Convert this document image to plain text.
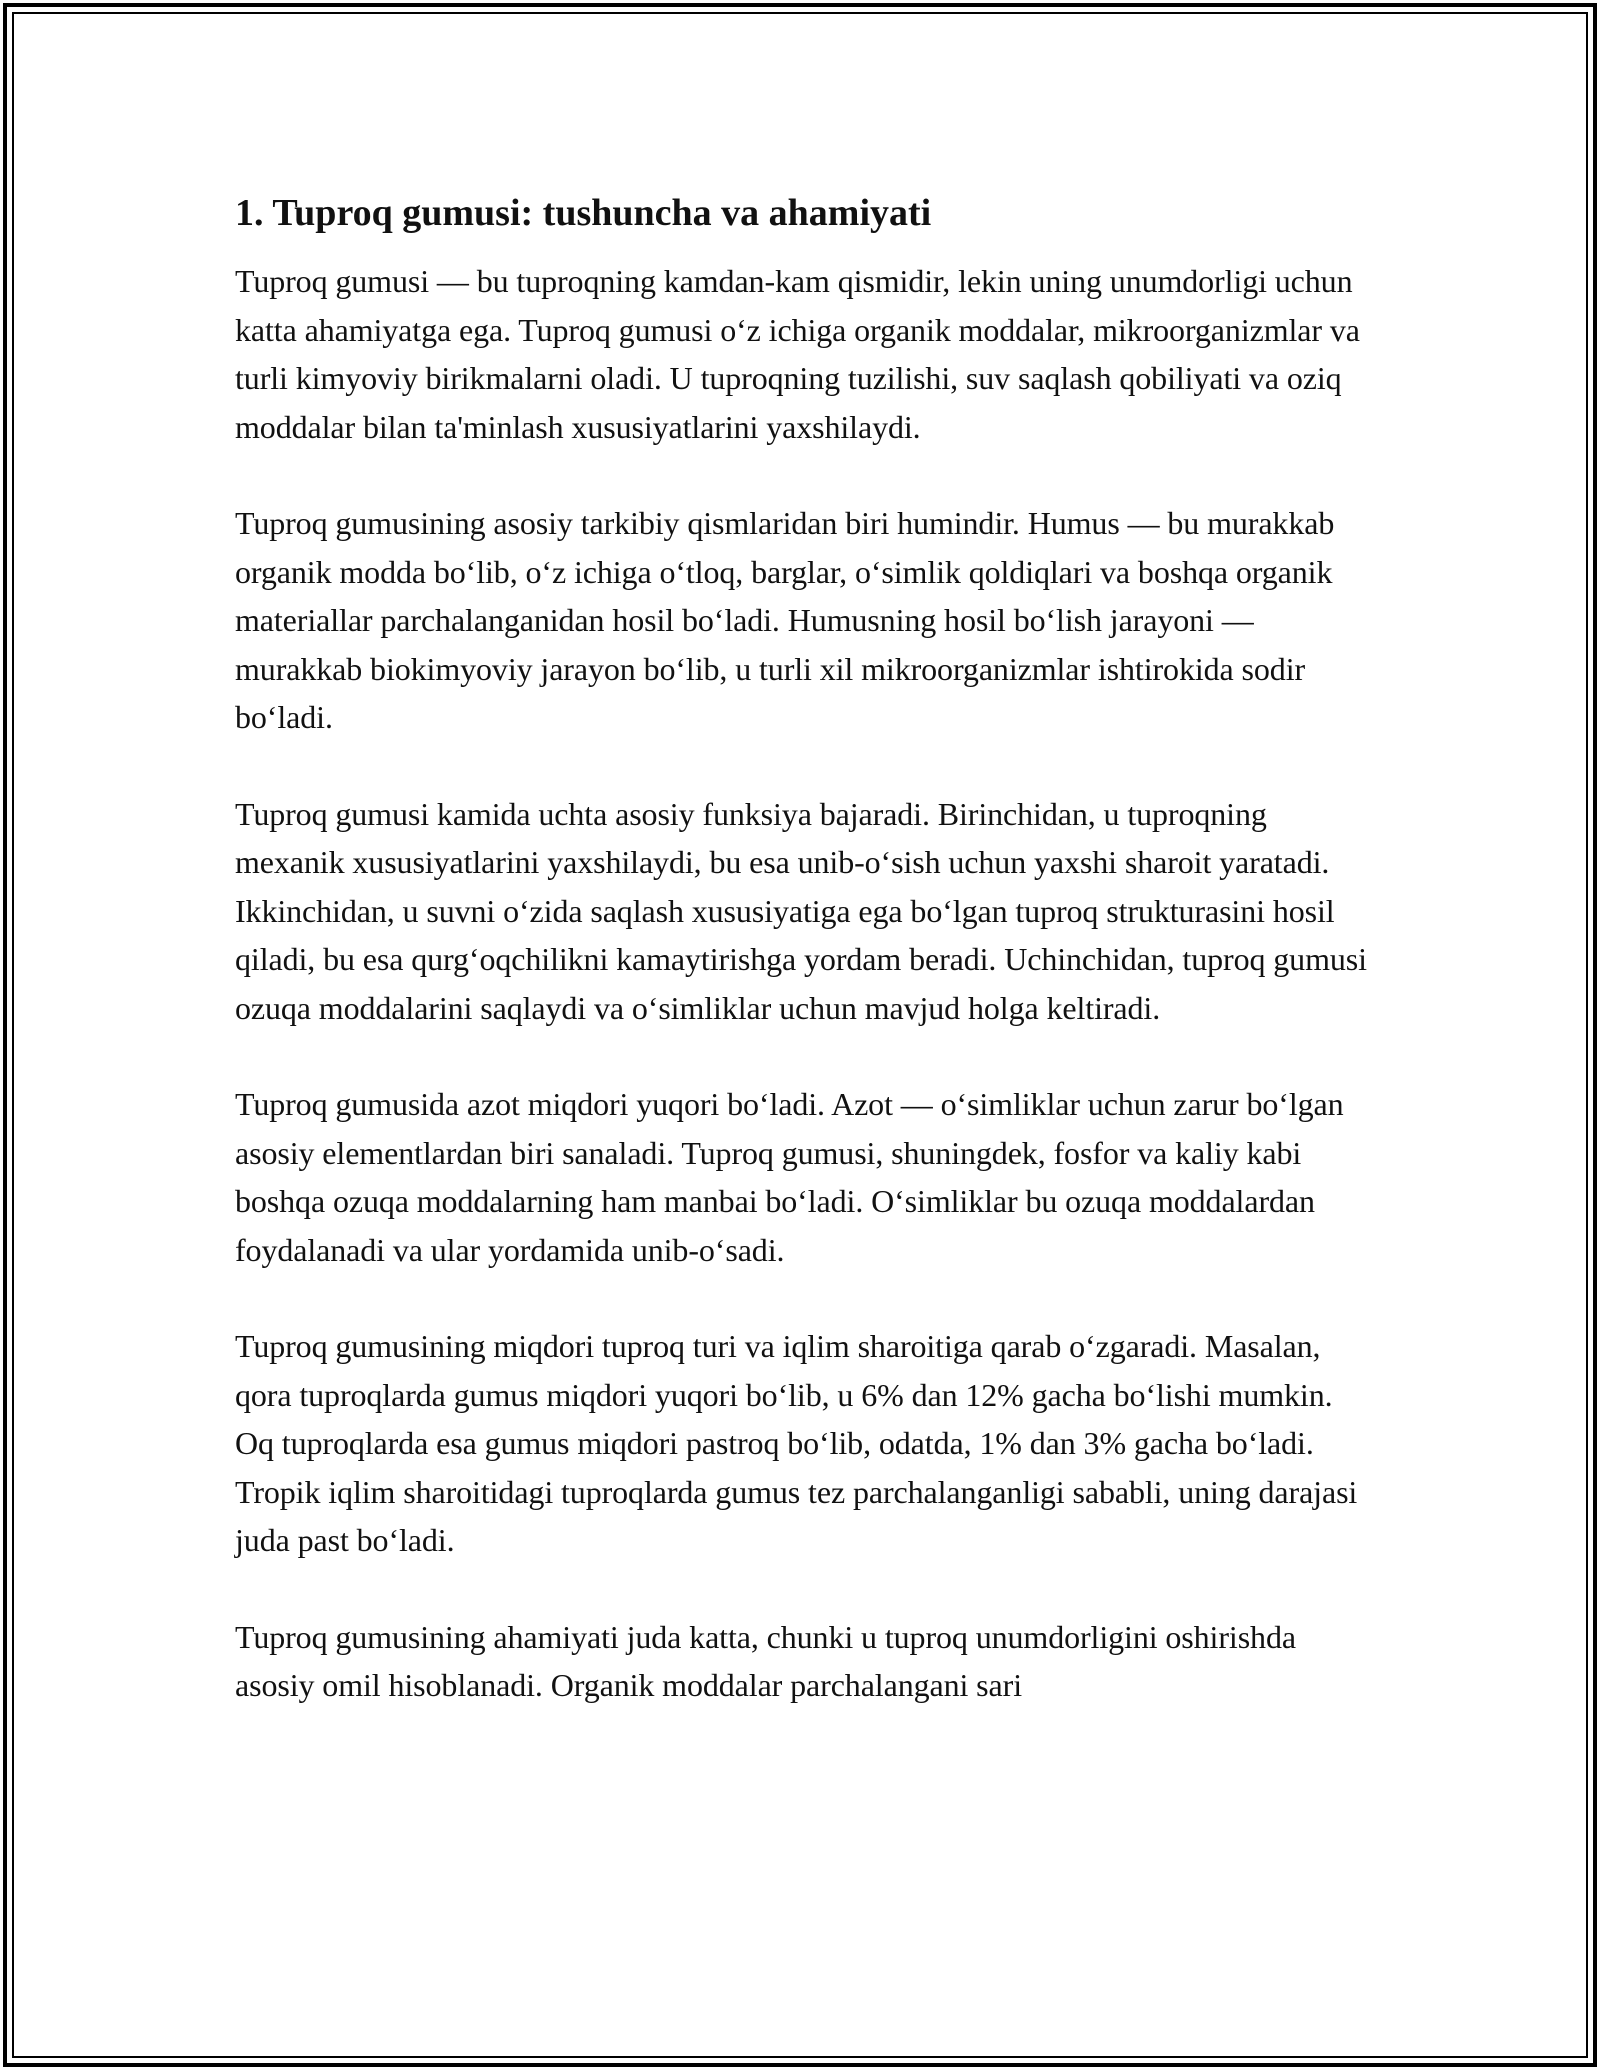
1. Tuproq gumusi: tushuncha va ahamiyati

Tuproq gumusi — bu tuproqning kamdan-kam qismidir, lekin uning unumdorligi uchun katta ahamiyatga ega. Tuproq gumusi o‘z ichiga organik moddalar, mikroorganizmlar va turli kimyoviy birikmalarni oladi. U tuproqning tuzilishi, suv saqlash qobiliyati va oziq moddalar bilan ta'minlash xususiyatlarini yaxshilaydi.

Tuproq gumusining asosiy tarkibiy qismlaridan biri humindir. Humus — bu murakkab organik modda bo‘lib, o‘z ichiga o‘tloq, barglar, o‘simlik qoldiqlari va boshqa organik materiallar parchalanganidan hosil bo‘ladi. Humusning hosil bo‘lish jarayoni — murakkab biokimyoviy jarayon bo‘lib, u turli xil mikroorganizmlar ishtirokida sodir bo‘ladi.

Tuproq gumusi kamida uchta asosiy funksiya bajaradi. Birinchidan, u tuproqning mexanik xususiyatlarini yaxshilaydi, bu esa unib-o‘sish uchun yaxshi sharoit yaratadi. Ikkinchidan, u suvni o‘zida saqlash xususiyatiga ega bo‘lgan tuproq strukturasini hosil qiladi, bu esa qurg‘oqchilikni kamaytirishga yordam beradi. Uchinchidan, tuproq gumusi ozuqa moddalarini saqlaydi va o‘simliklar uchun mavjud holga keltiradi.

Tuproq gumusida azot miqdori yuqori bo‘ladi. Azot — o‘simliklar uchun zarur bo‘lgan asosiy elementlardan biri sanaladi. Tuproq gumusi, shuningdek, fosfor va kaliy kabi boshqa ozuqa moddalarning ham manbai bo‘ladi. O‘simliklar bu ozuqa moddalardan foydalanadi va ular yordamida unib-o‘sadi.

Tuproq gumusining miqdori tuproq turi va iqlim sharoitiga qarab o‘zgaradi. Masalan, qora tuproqlarda gumus miqdori yuqori bo‘lib, u 6% dan 12% gacha bo‘lishi mumkin. Oq tuproqlarda esa gumus miqdori pastroq bo‘lib, odatda, 1% dan 3% gacha bo‘ladi. Tropik iqlim sharoitidagi tuproqlarda gumus tez parchalanganligi sababli, uning darajasi juda past bo‘ladi.

Tuproq gumusining ahamiyati juda katta, chunki u tuproq unumdorligini oshirishda asosiy omil hisoblanadi. Organik moddalar parchalangani sari
